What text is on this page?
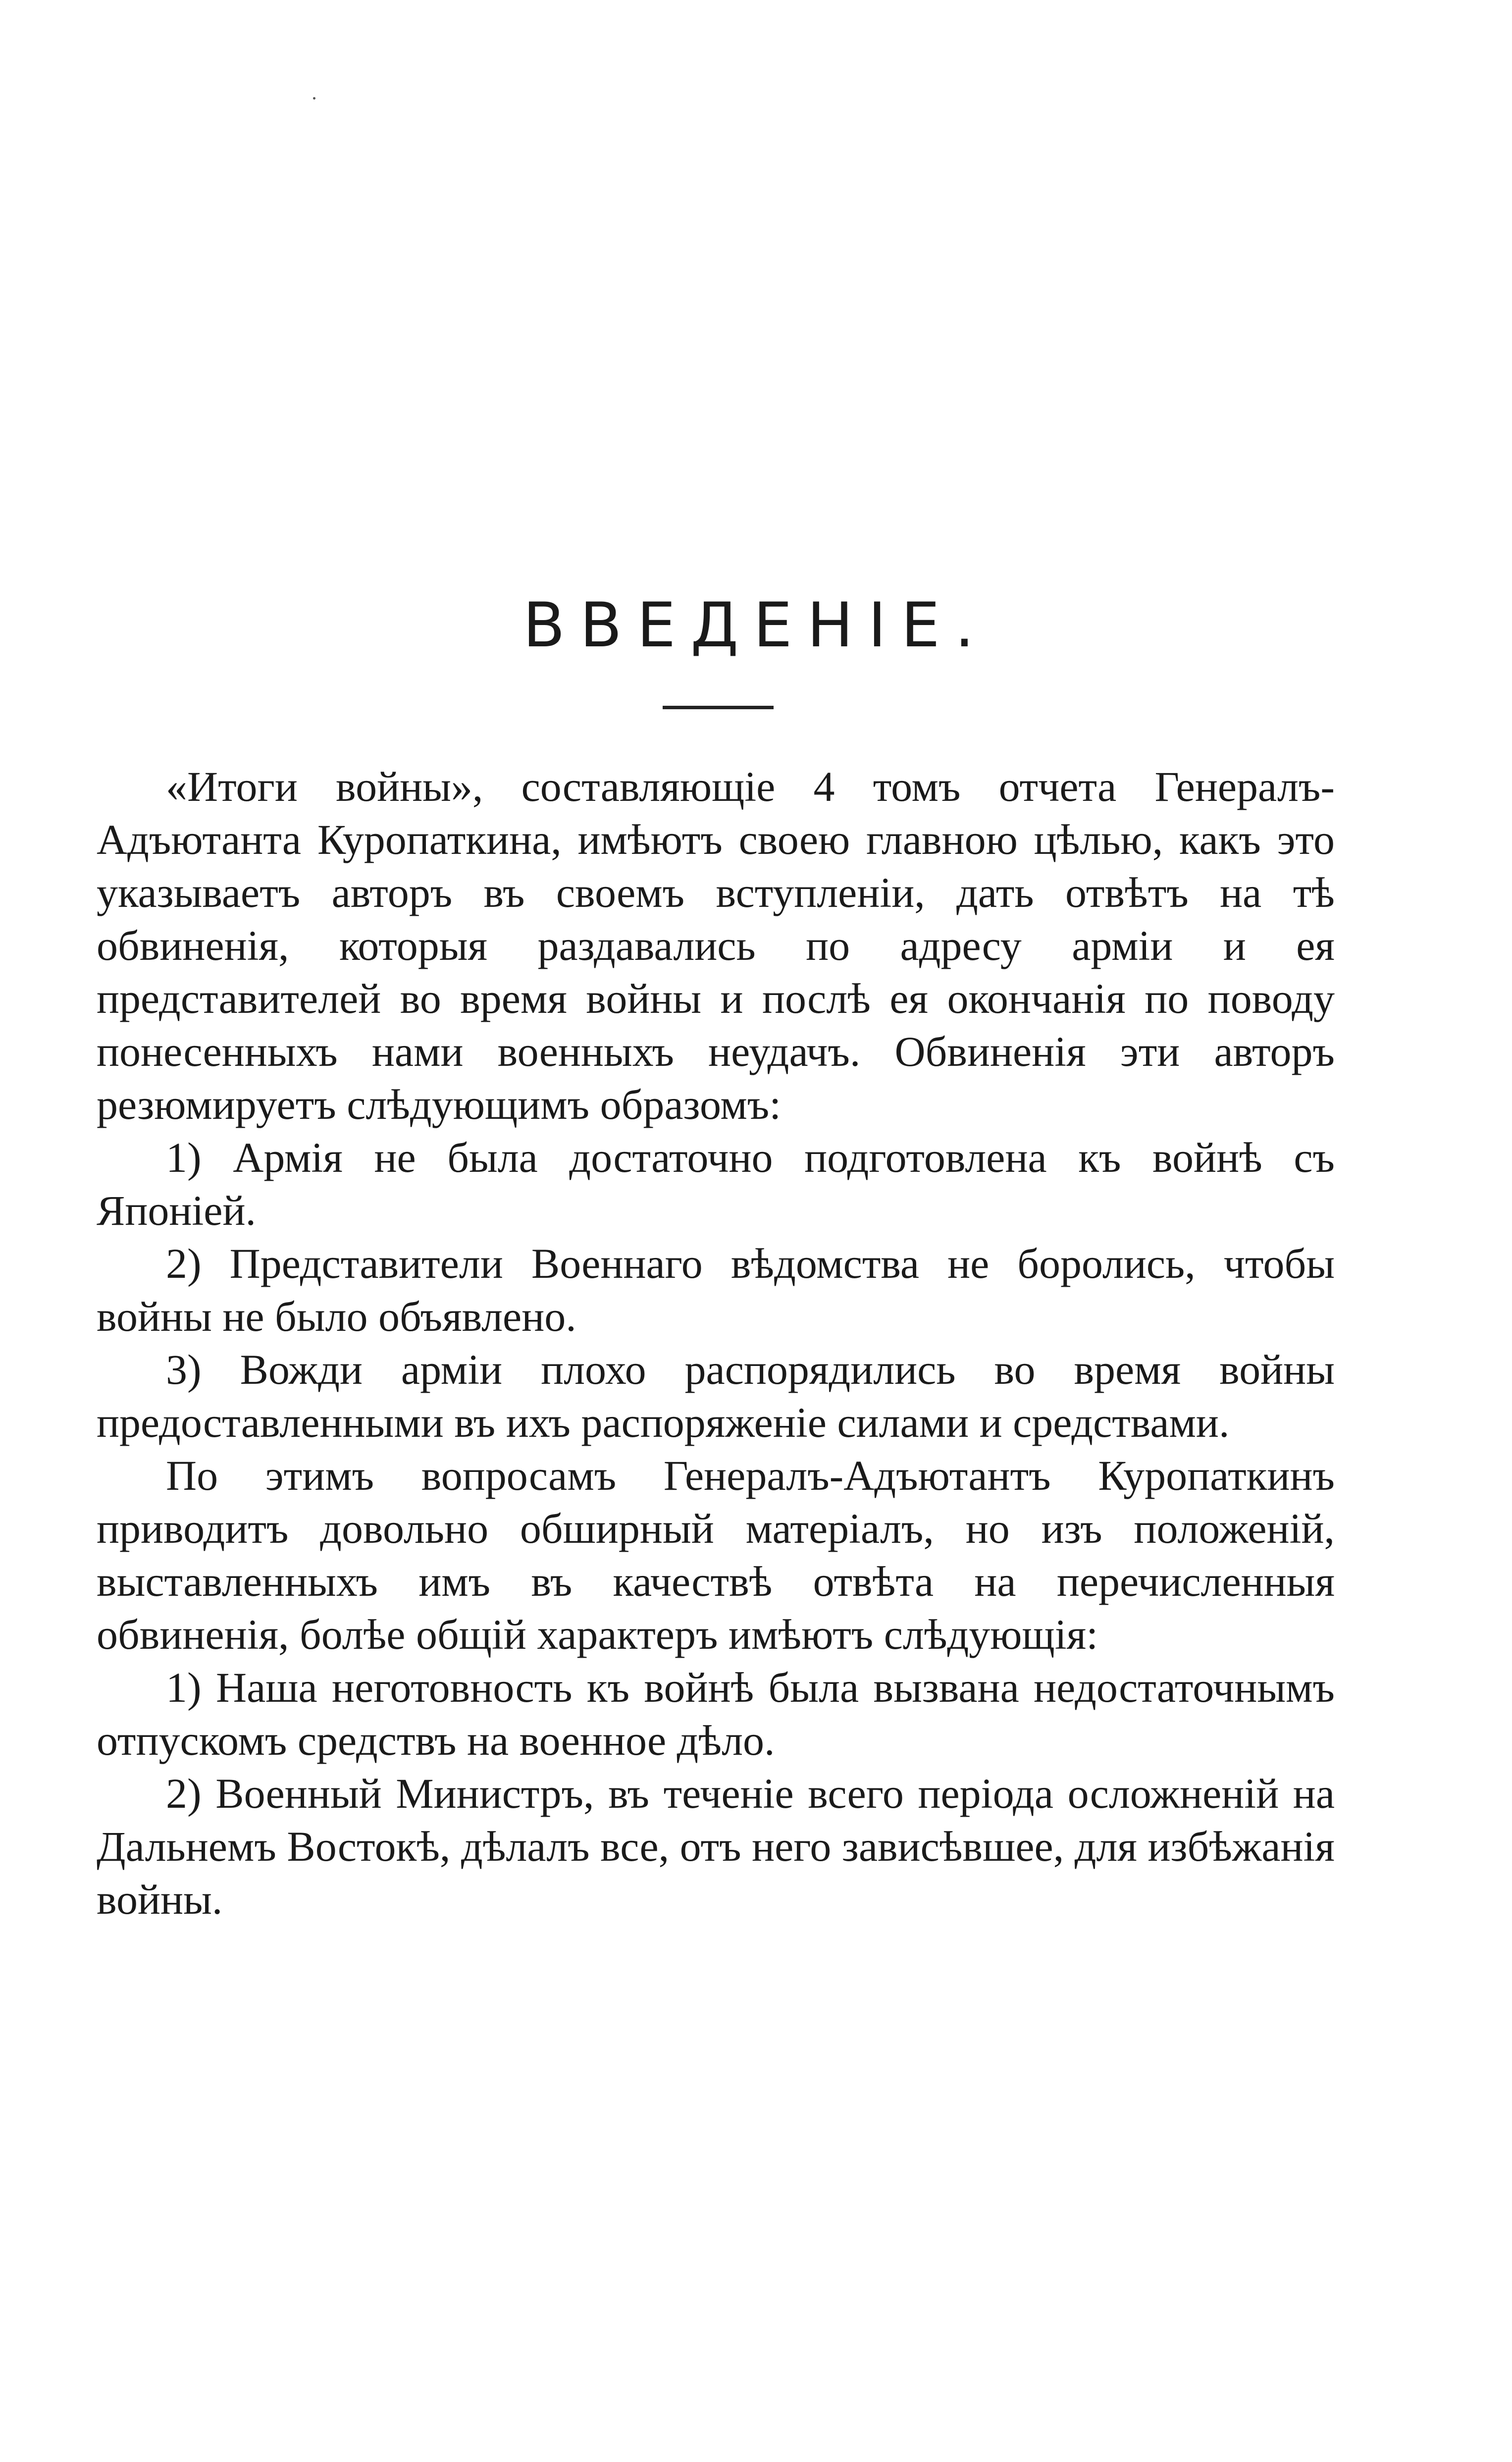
ВВЕДЕНІЕ.

«Итоги войны», составляющіе 4 томъ отчета Генералъ-Адъютанта Куропаткина, имѣютъ своею главною цѣлью, какъ это указываетъ авторъ въ своемъ вступленіи, дать отвѣтъ на тѣ обвиненія, которыя раздавались по адресу арміи и ея представителей во время войны и послѣ ея окончанія по поводу понесенныхъ нами военныхъ неудачъ. Обвиненія эти авторъ резюмируетъ слѣдующимъ образомъ:

1) Армія не была достаточно подготовлена къ войнѣ съ Японіей.

2) Представители Военнаго вѣдомства не боролись, чтобы войны не было объявлено.

3) Вожди арміи плохо распорядились во время войны предоставленными въ ихъ распоряженіе силами и средствами.

По этимъ вопросамъ Генералъ-Адъютантъ Куропаткинъ приводитъ довольно обширный матеріалъ, но изъ положеній, выставленныхъ имъ въ качествѣ отвѣта на перечисленныя обвиненія, болѣе общій характеръ имѣютъ слѣдующія:

1) Наша неготовность къ войнѣ была вызвана недостаточнымъ отпускомъ средствъ на военное дѣло.

2) Военный Министръ, въ теченіе всего періода осложненій на Дальнемъ Востокѣ, дѣлалъ все, отъ него зависѣвшее, для избѣжанія войны.
